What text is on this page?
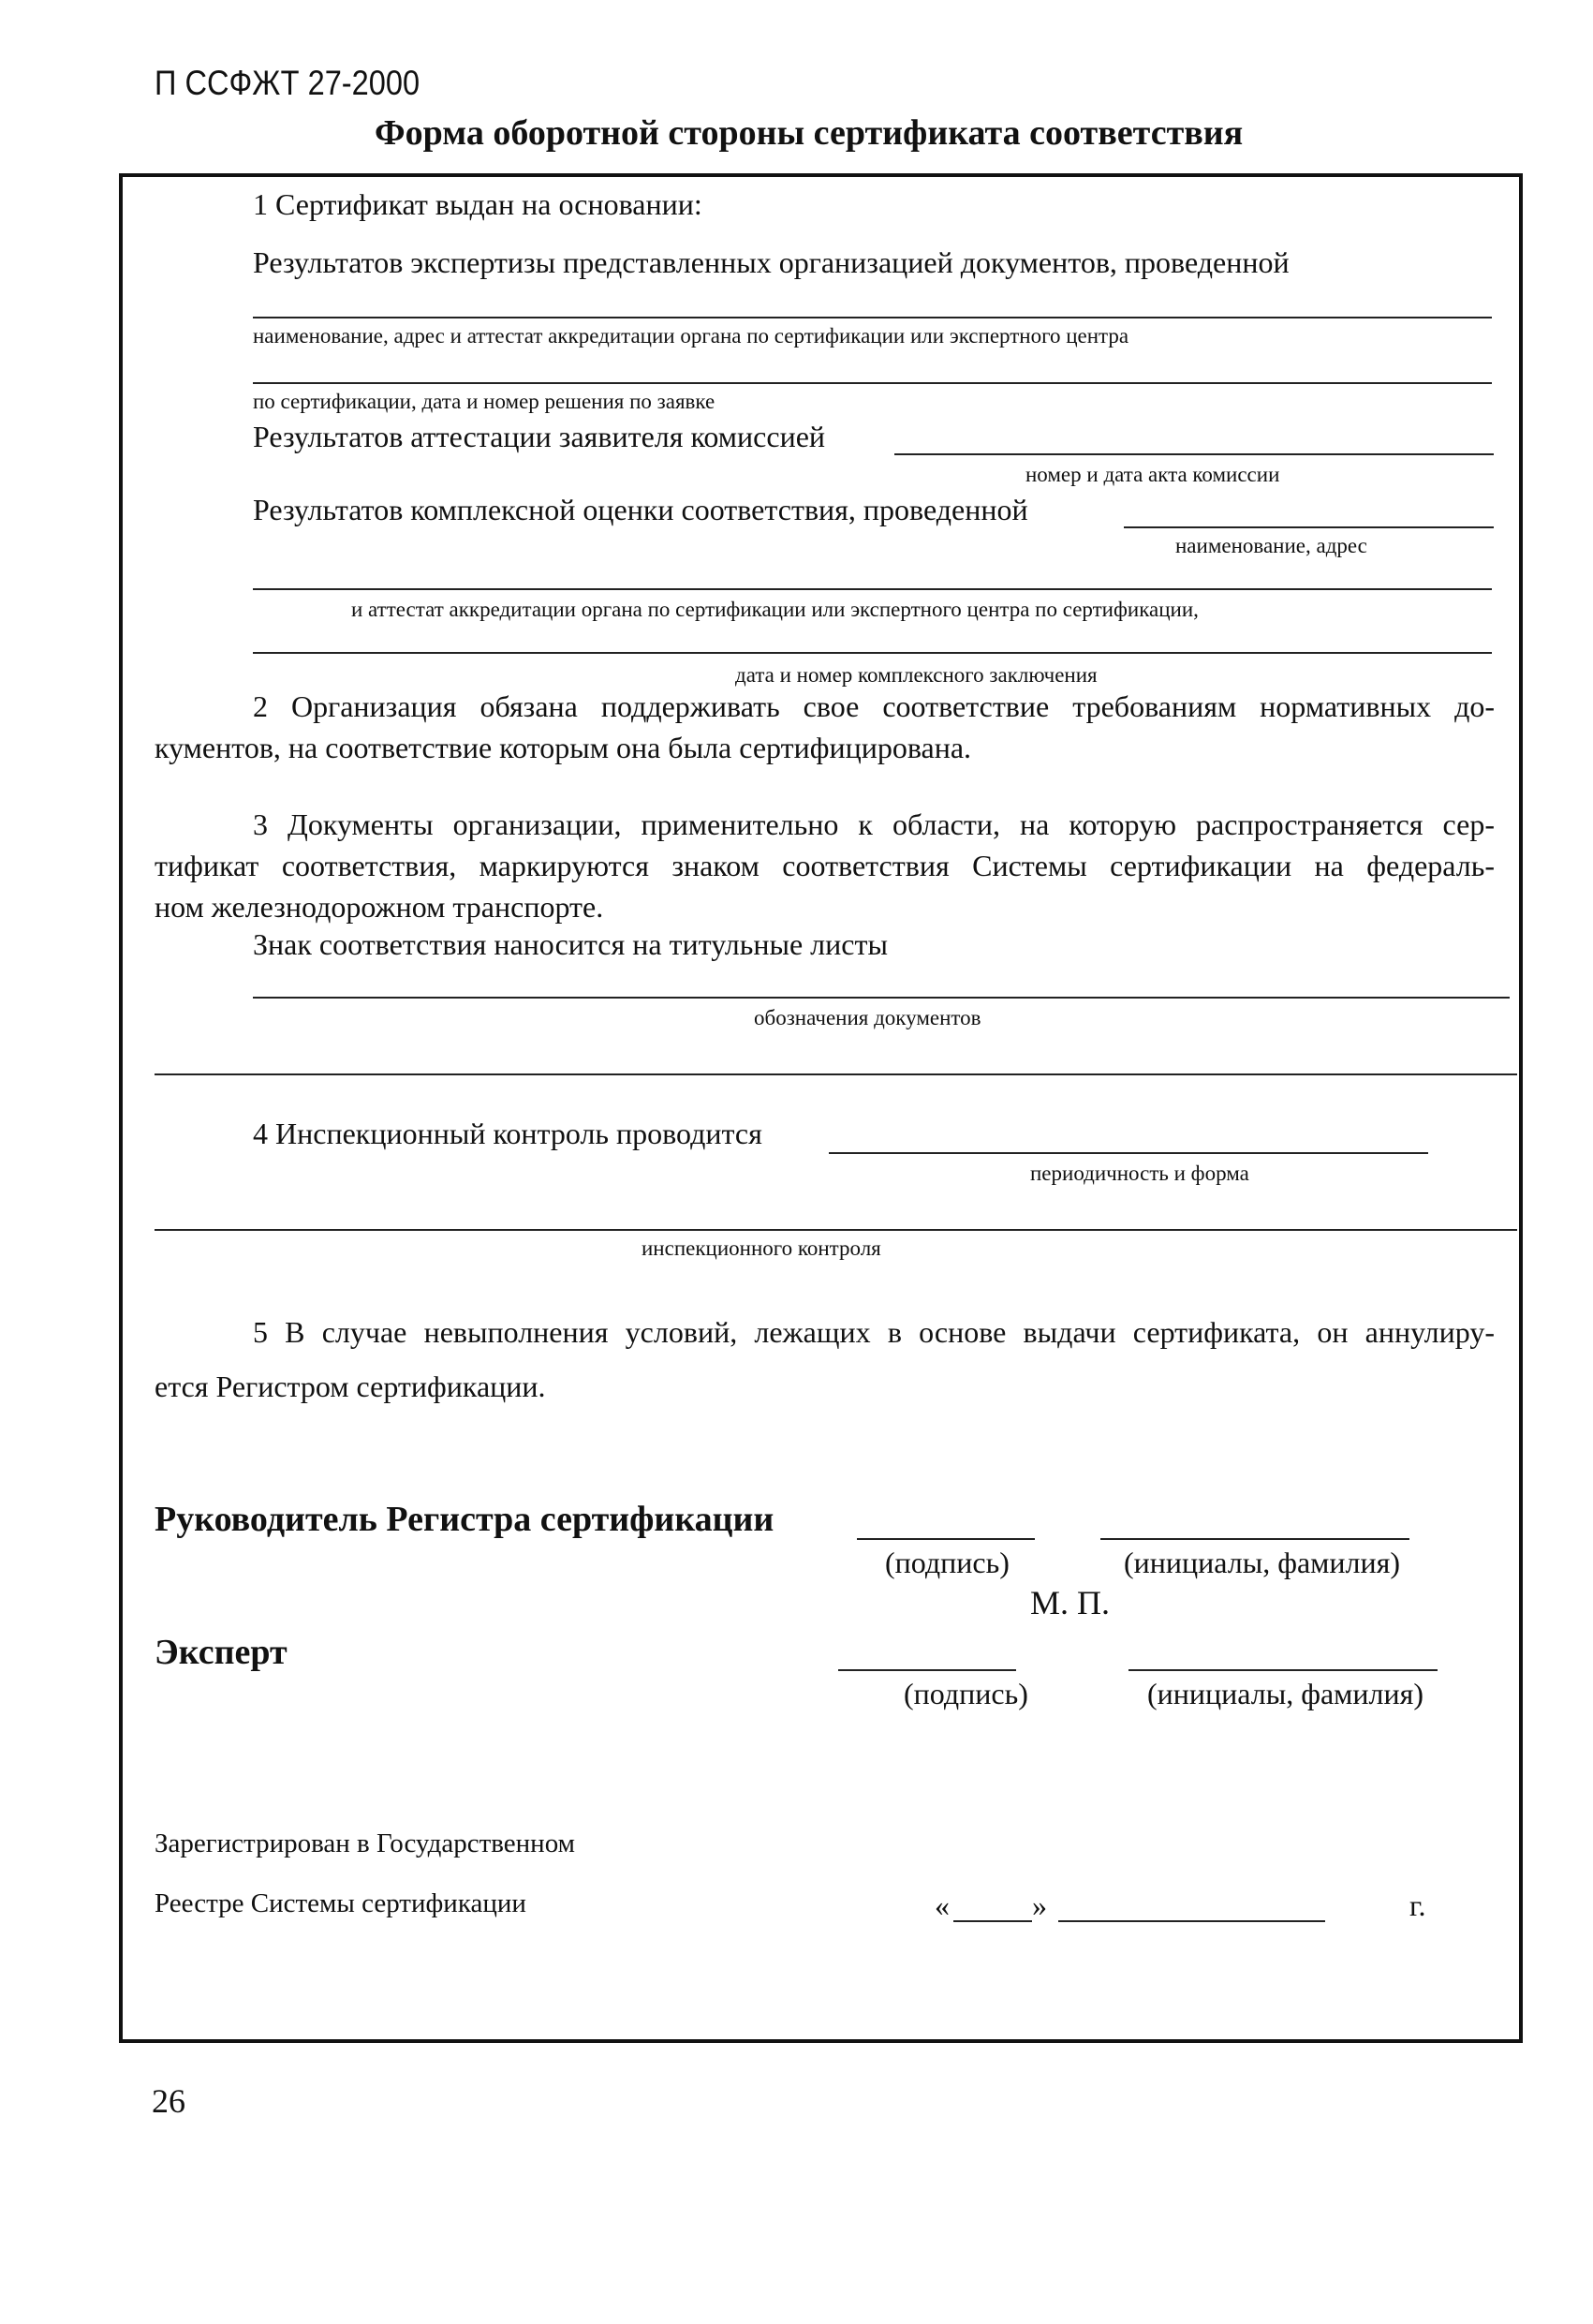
П ССФЖТ 27-2000
Форма оборотной стороны сертификата соответствия
1 Сертификат выдан на основании:
Результатов экспертизы представленных организацией документов, проведенной
наименование, адрес и аттестат аккредитации органа по сертификации или экспертного центра
по сертификации, дата и номер решения по заявке
Результатов аттестации заявителя комиссией
номер и дата акта комиссии
Результатов комплексной оценки соответствия, проведенной
наименование, адрес
и аттестат аккредитации органа по сертификации или экспертного центра по сертификации,
дата и номер комплексного заключения
2 Организация обязана поддерживать свое соответствие требованиям нормативных до-
кументов, на соответствие которым она была сертифицирована.
3 Документы организации, применительно к области, на которую распространяется сер-
тификат соответствия, маркируются знаком соответствия Системы сертификации на федераль-
ном железнодорожном транспорте.
Знак соответствия наносится на титульные листы
обозначения документов
4 Инспекционный контроль проводится
периодичность и форма
инспекционного контроля
5 В случае невыполнения условий, лежащих в основе выдачи сертификата, он аннулиру-
ется Регистром сертификации.
Руководитель Регистра сертификации
(подпись)	(инициалы, фамилия)
М. П.
Эксперт
(подпись)	(инициалы, фамилия)
Зарегистрирован в Государственном
Реестре Системы сертификации	«	»	г.
26
